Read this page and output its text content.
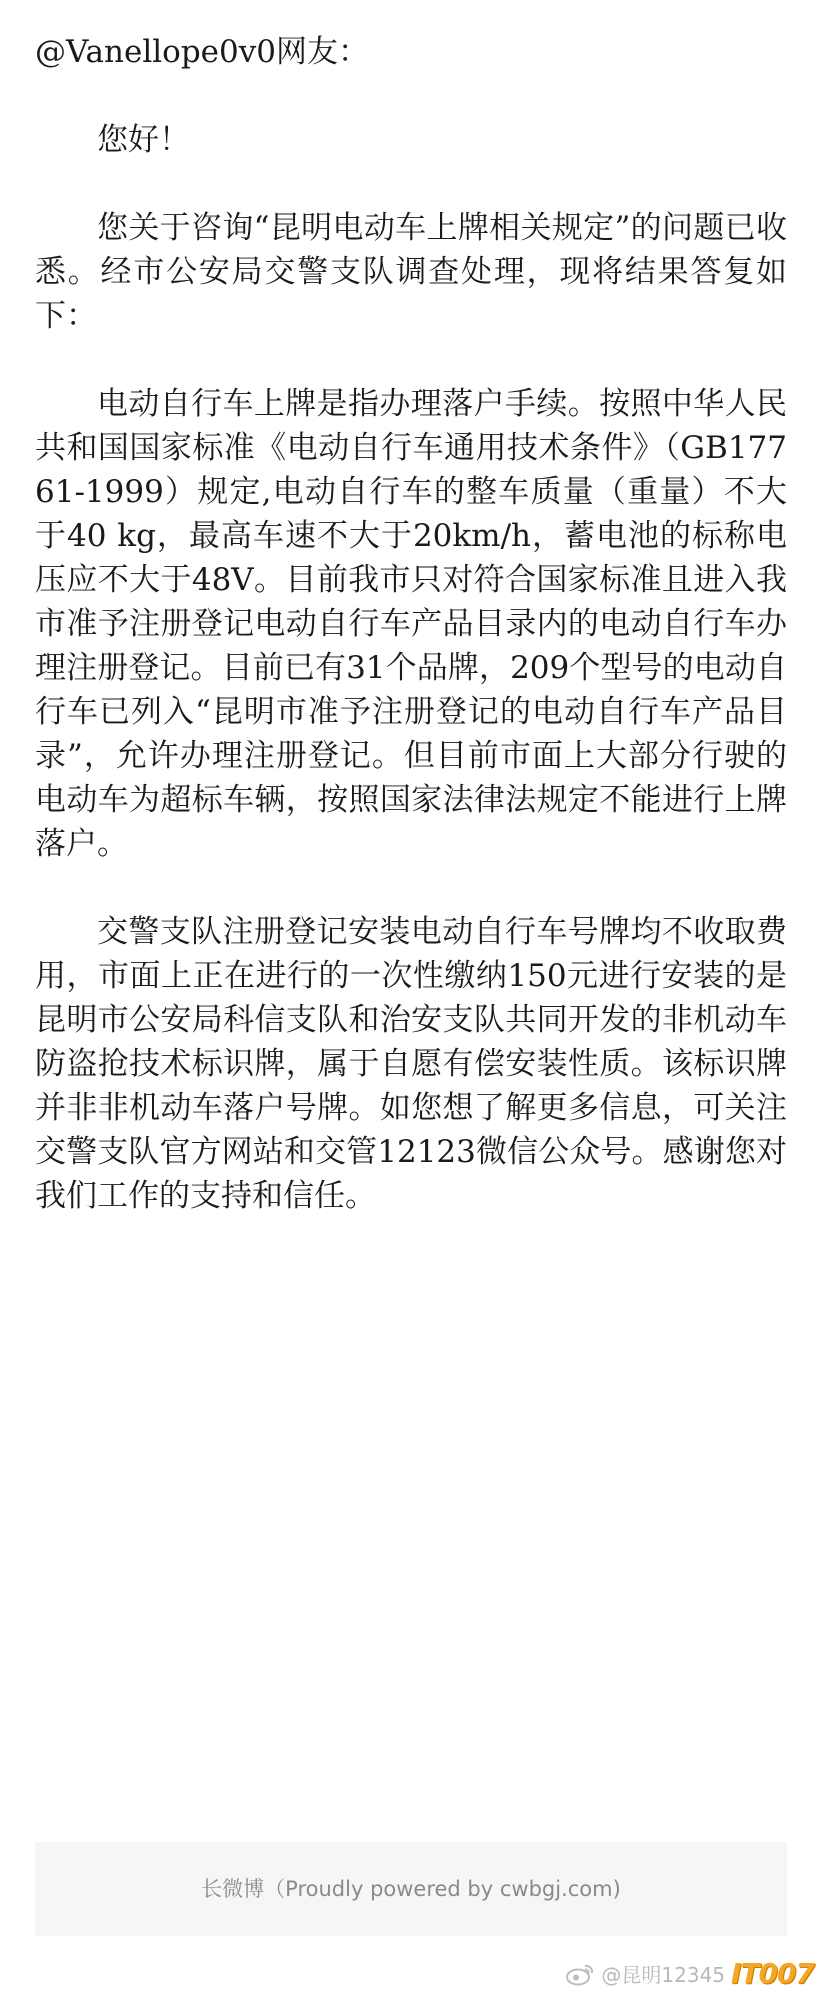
@Vanellope0v0网友：
您好！
您关于咨询“昆明电动车上牌相关规定”的问题已收悉。经市公安局交警支队调查处理，现将结果答复如下：
电动自行车上牌是指办理落户手续。按照中华人民共和国国家标准《电动自行车通用技术条件》（GB17761-1999）规定,电动自行车的整车质量（重量）不大于40 kg，最高车速不大于20km/h，蓄电池的标称电压应不大于48V。目前我市只对符合国家标准且进入我市准予注册登记电动自行车产品目录内的电动自行车办理注册登记。目前已有31个品牌，209个型号的电动自行车已列入“昆明市准予注册登记的电动自行车产品目录”，允许办理注册登记。但目前市面上大部分行驶的电动车为超标车辆，按照国家法律法规定不能进行上牌落户。
交警支队注册登记安装电动自行车号牌均不收取费用，市面上正在进行的一次性缴纳150元进行安装的是昆明市公安局科信支队和治安支队共同开发的非机动车防盗抢技术标识牌，属于自愿有偿安装性质。该标识牌并非非机动车落户号牌。如您想了解更多信息，可关注交警支队官方网站和交管12123微信公众号。感谢您对我们工作的支持和信任。
长微博（Proudly powered by cwbgj.com)
@昆明12345 IT007
